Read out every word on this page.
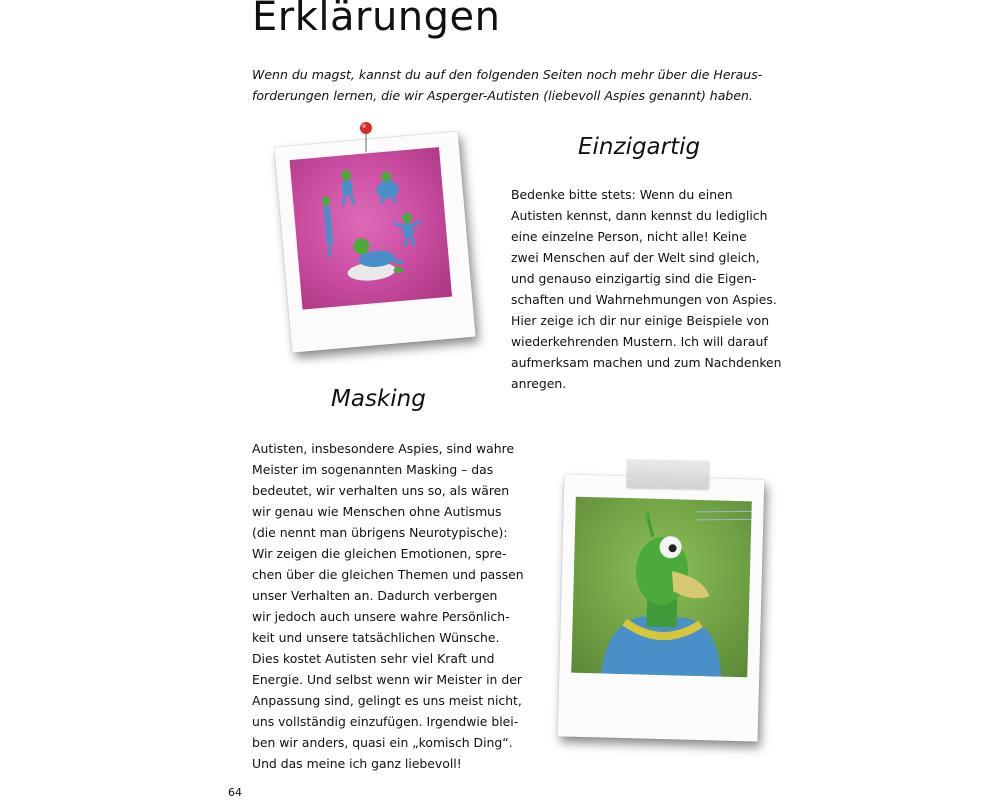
Erklärungen
Wenn du magst, kannst du auf den folgenden Seiten noch mehr über die Heraus-
forderungen lernen, die wir Asperger-Autisten (liebevoll Aspies genannt) haben.
Einzigartig
Bedenke bitte stets: Wenn du einen
Autisten kennst, dann kennst du lediglich
eine einzelne Person, nicht alle! Keine
zwei Menschen auf der Welt sind gleich,
und genauso einzigartig sind die Eigen-
schaften und Wahrnehmungen von Aspies.
Hier zeige ich dir nur einige Beispiele von
wiederkehrenden Mustern. Ich will darauf
aufmerksam machen und zum Nachdenken
anregen.
Masking
Autisten, insbesondere Aspies, sind wahre
Meister im sogenannten Masking – das
bedeutet, wir verhalten uns so, als wären
wir genau wie Menschen ohne Autismus
(die nennt man übrigens Neurotypische):
Wir zeigen die gleichen Emotionen, spre-
chen über die gleichen Themen und passen
unser Verhalten an. Dadurch verbergen
wir jedoch auch unsere wahre Persönlich-
keit und unsere tatsächlichen Wünsche.
Dies kostet Autisten sehr viel Kraft und
Energie. Und selbst wenn wir Meister in der
Anpassung sind, gelingt es uns meist nicht,
uns vollständig einzufügen. Irgendwie blei-
ben wir anders, quasi ein „komisch Ding“.
Und das meine ich ganz liebevoll!
64
